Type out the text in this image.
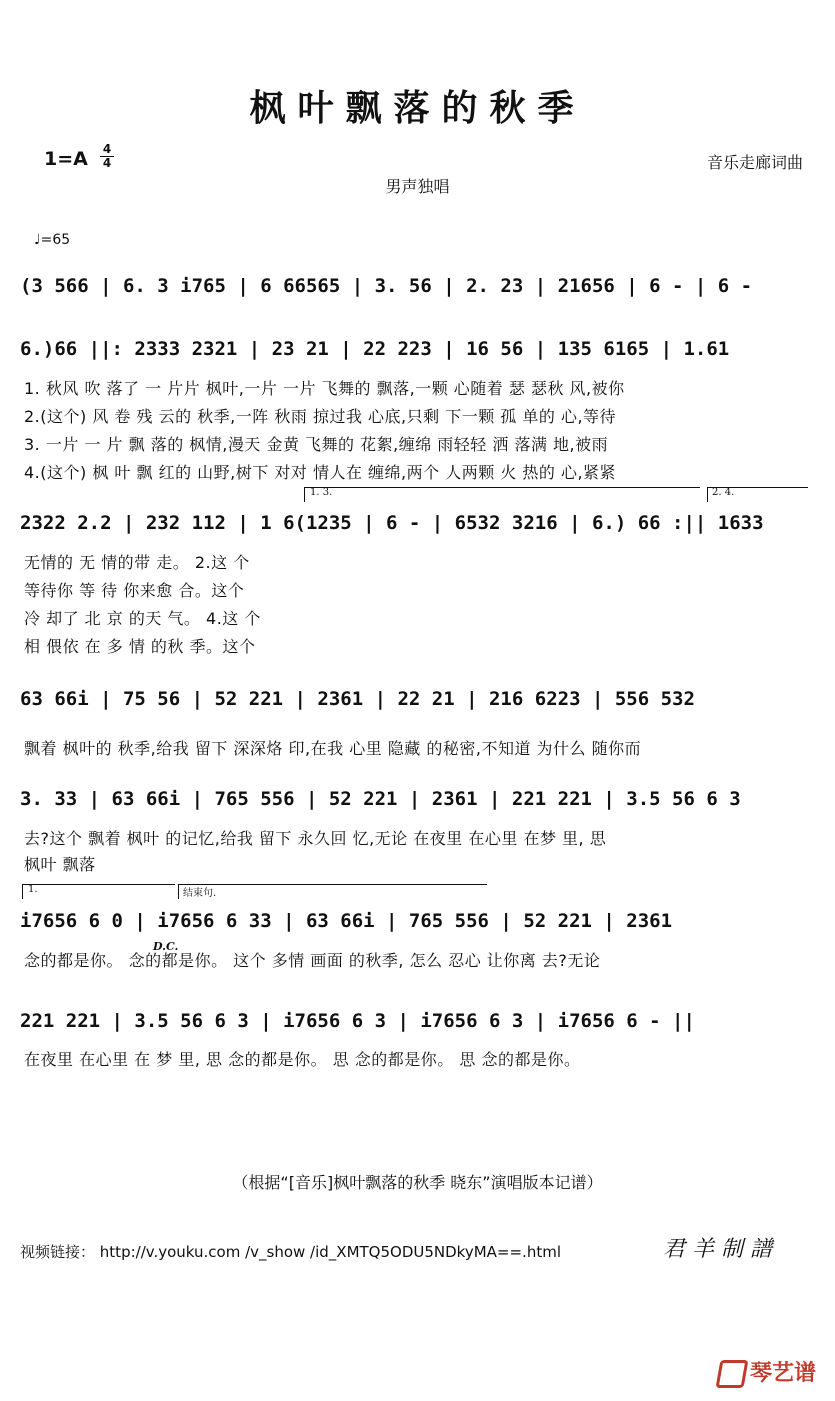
枫叶飘落的秋季
1=A 4
4	音乐走廊词曲
男声独唱
♩=65
(3 566 | 6. 3 i765 | 6 66565 | 3. 56 | 2. 23 | 21656 | 6 - | 6 -
6.)66 ||: 2333 2321 | 23 21 | 22 223 | 16 56 | 135 6165 | 1.61
1. 秋风 吹 落了 一 片片 枫叶,一片 一片 飞舞的 飘落,一颗 心随着 瑟 瑟秋 风,被你
2.(这个) 风 卷 残 云的 秋季,一阵 秋雨 掠过我 心底,只剩 下一颗 孤 单的 心,等待
3. 一片 一 片 飘 落的 枫情,漫天 金黄 飞舞的 花絮,缠绵 雨轻轻 洒 落满 地,被雨
4.(这个) 枫 叶 飘 红的 山野,树下 对对 情人在 缠绵,两个 人两颗 火 热的 心,紧紧
1. 3.	2. 4.
2322 2.2 | 232 112 | 1 6(1235 | 6 - | 6532 3216 | 6.) 66 :|| 1633
无情的 无 情的带 走。 2.这 个
等待你 等 待 你来愈 合。这个
冷 却了 北 京 的天 气。 4.这 个
相 偎依 在 多 情 的秋 季。这个
63 66i | 75 56 | 52 221 | 2361 | 22 21 | 216 6223 | 556 532
飘着 枫叶的 秋季,给我 留下 深深烙 印,在我 心里 隐藏 的秘密,不知道 为什么 随你而
3. 33 | 63 66i | 765 556 | 52 221 | 2361 | 221 221 | 3.5 56 6 3
去?这个 飘着 枫叶 的记忆,给我 留下 永久回 忆,无论 在夜里 在心里 在梦 里, 思
枫叶 飘落
1.	结束句.
i7656 6 0 | i7656 6 33 | 63 66i | 765 556 | 52 221 | 2361
D.C.
念的都是你。 念的都是你。 这个 多情 画面 的秋季, 怎么 忍心 让你离 去?无论
221 221 | 3.5 56 6 3 | i7656 6 3 | i7656 6 3 | i7656 6 - ||
在夜里 在心里 在 梦 里, 思 念的都是你。 思 念的都是你。 思 念的都是你。
（根据“[音乐]枫叶飘落的秋季 晓东”演唱版本记谱）
视频链接： http://v.youku.com /v_show /id_XMTQ5ODU5NDkyMA==.html	君 羊 制 譜
琴艺谱
